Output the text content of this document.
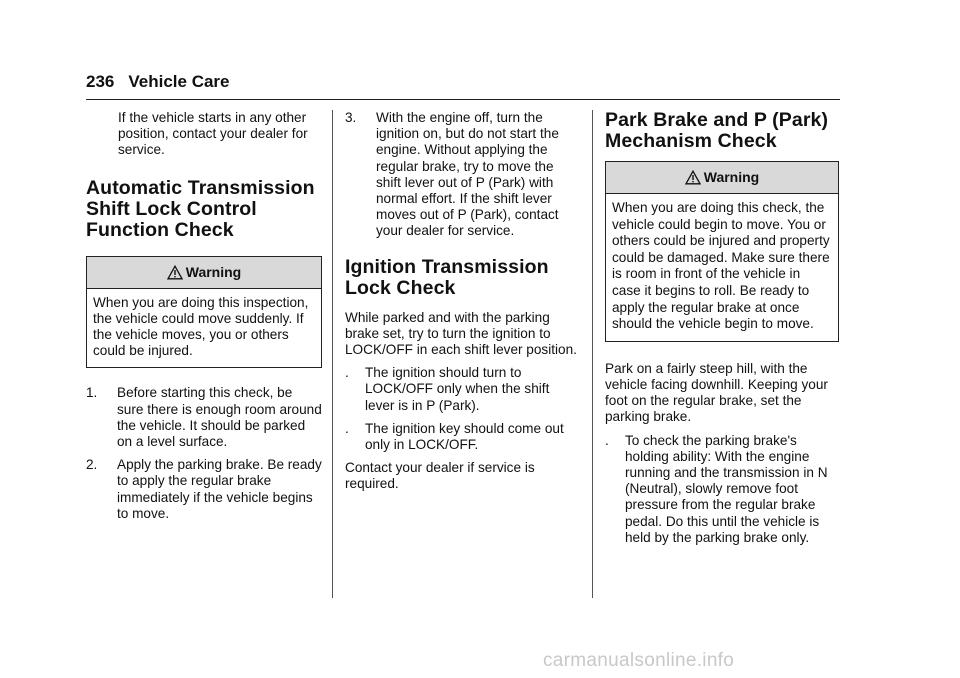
236 Vehicle Care

If the vehicle starts in any other position, contact your dealer for service.

Automatic Transmission Shift Lock Control Function Check
Warning
When you are doing this inspection, the vehicle could move suddenly. If the vehicle moves, you or others could be injured.
1.	Before starting this check, be sure there is enough room around the vehicle. It should be parked on a level surface.
2.	Apply the parking brake. Be ready to apply the regular brake immediately if the vehicle begins to move.
3.	With the engine off, turn the ignition on, but do not start the engine. Without applying the regular brake, try to move the shift lever out of P (Park) with normal effort. If the shift lever moves out of P (Park), contact your dealer for service.
Ignition Transmission Lock Check

While parked and with the parking brake set, try to turn the ignition to LOCK/OFF in each shift lever position.

.	The ignition should turn to LOCK/OFF only when the shift lever is in P (Park).
.	The ignition key should come out only in LOCK/OFF.

Contact your dealer if service is required.

Park Brake and P (Park) Mechanism Check
Warning
When you are doing this check, the vehicle could begin to move. You or others could be injured and property could be damaged. Make sure there is room in front of the vehicle in case it begins to roll. Be ready to apply the regular brake at once should the vehicle begin to move.

Park on a fairly steep hill, with the vehicle facing downhill. Keeping your foot on the regular brake, set the parking brake.

.	To check the parking brake's holding ability: With the engine running and the transmission in N (Neutral), slowly remove foot pressure from the regular brake pedal. Do this until the vehicle is held by the parking brake only.
carmanualsonline.info
